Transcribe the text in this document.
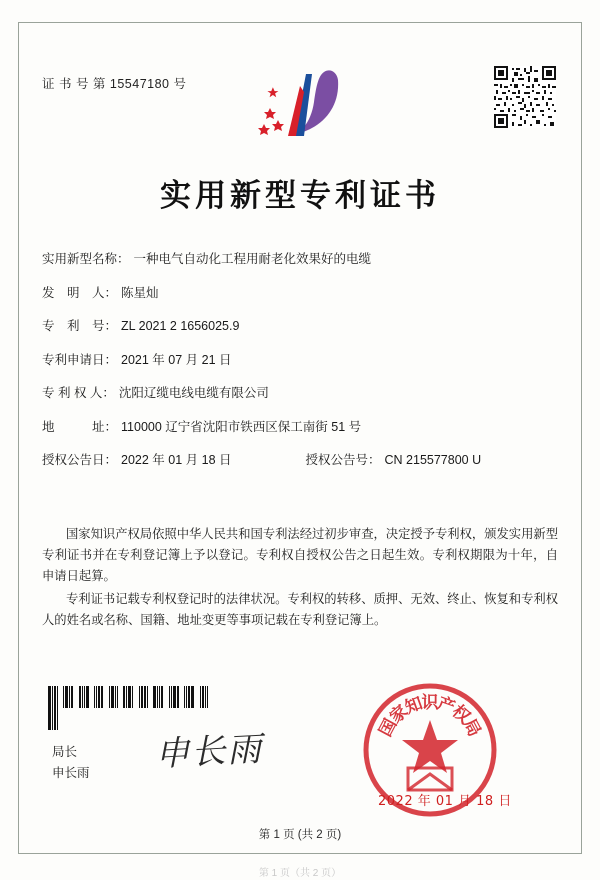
证 书 号 第 15547180 号
实用新型专利证书
实用新型名称： 一种电气自动化工程用耐老化效果好的电缆
发　明　人： 陈星灿
专　利　号： ZL 2021 2 1656025.9
专利申请日： 2021 年 07 月 21 日
专 利 权 人： 沈阳辽缆电线电缆有限公司
地　　　址： 110000 辽宁省沈阳市铁西区保工南街 51 号
授权公告日： 2022 年 01 月 18 日	授权公告号： CN 215577800 U

国家知识产权局依照中华人民共和国专利法经过初步审查，决定授予专利权，颁发实用新型专利证书并在专利登记簿上予以登记。专利权自授权公告之日起生效。专利权期限为十年，自申请日起算。

专利证书记载专利权登记时的法律状况。专利权的转移、质押、无效、终止、恢复和专利权人的姓名或名称、国籍、地址变更等事项记载在专利登记簿上。

局长
申长雨 申长雨
国
家
知
识
产
权
局
2022 年 01 月 18 日
第 1 页 (共 2 页)
第 1 页（共 2 页）
